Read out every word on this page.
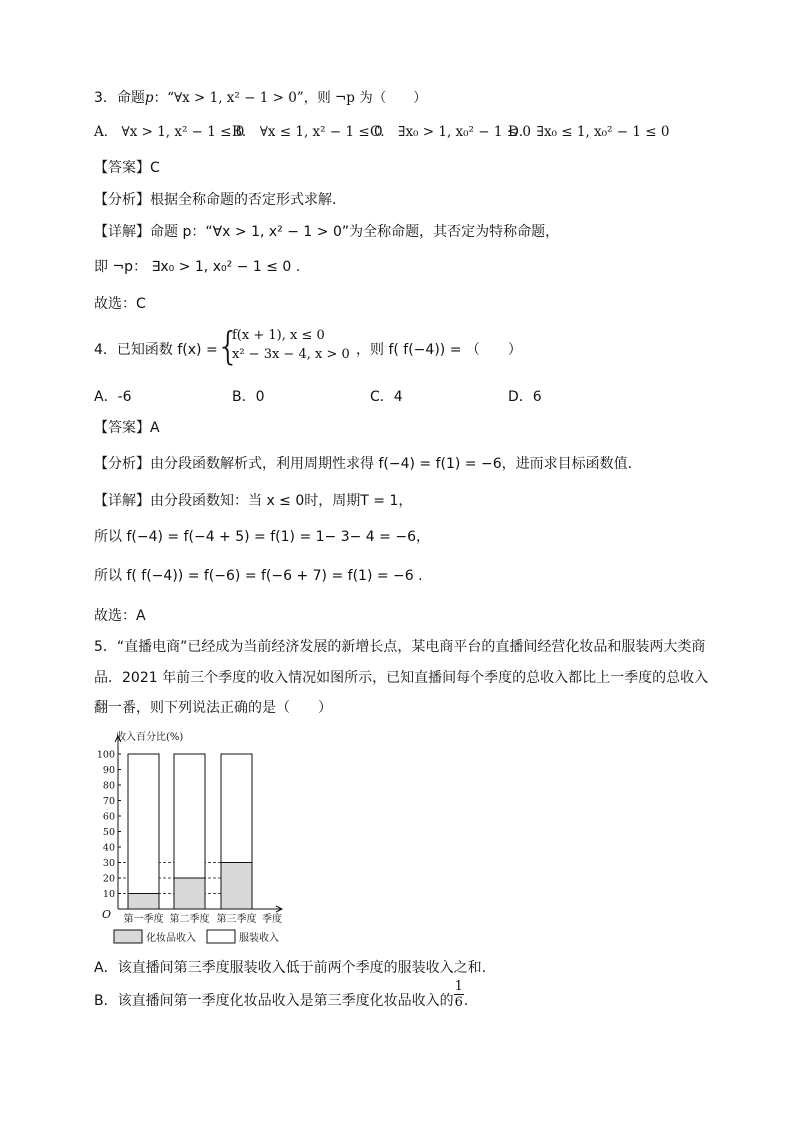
3．命题p：“∀x > 1, x² − 1 > 0”，则 ¬p 为（　　）
A． ∀x > 1, x² − 1 ≤ 0B． ∀x ≤ 1, x² − 1 ≤ 0C． ∃x₀ > 1, x₀² − 1 ≤ 0D． ∃x₀ ≤ 1, x₀² − 1 ≤ 0
【答案】C
【分析】根据全称命题的否定形式求解.
【详解】命题 p：“∀x > 1, x² − 1 > 0”为全称命题，其否定为特称命题，
即 ¬p： ∃x₀ > 1, x₀² − 1 ≤ 0 .
故选：C
4．已知函数 f(x) =
{
f(x + 1), x ≤ 0
x² − 3x − 4, x > 0 ，则 f( f(−4)) = （　　）
A．-6	B．0	C．4	D．6
【答案】A
【分析】由分段函数解析式，利用周期性求得 f(−4) = f(1) = −6，进而求目标函数值.
【详解】由分段函数知：当 x ≤ 0时，周期T = 1，
所以 f(−4) = f(−4 + 5) = f(1) = 1− 3− 4 = −6，
所以 f( f(−4)) = f(−6) = f(−6 + 7) = f(1) = −6 .
故选：A
5．“直播电商”已经成为当前经济发展的新增长点，某电商平台的直播间经营化妆品和服装两大类商
品．2021 年前三个季度的收入情况如图所示，已知直播间每个季度的总收入都比上一季度的总收入
翻一番，则下列说法正确的是（　　）
收入百分比(%)
O
10
20
30
40
50
60
70
80
90
100
第一季度 第二季度 第三季度 季度
化妆品收入	服装收入
A．该直播间第三季度服装收入低于前两个季度的服装收入之和.
B．该直播间第一季度化妆品收入是第三季度化妆品收入的 $\frac{1}{6}$ .
